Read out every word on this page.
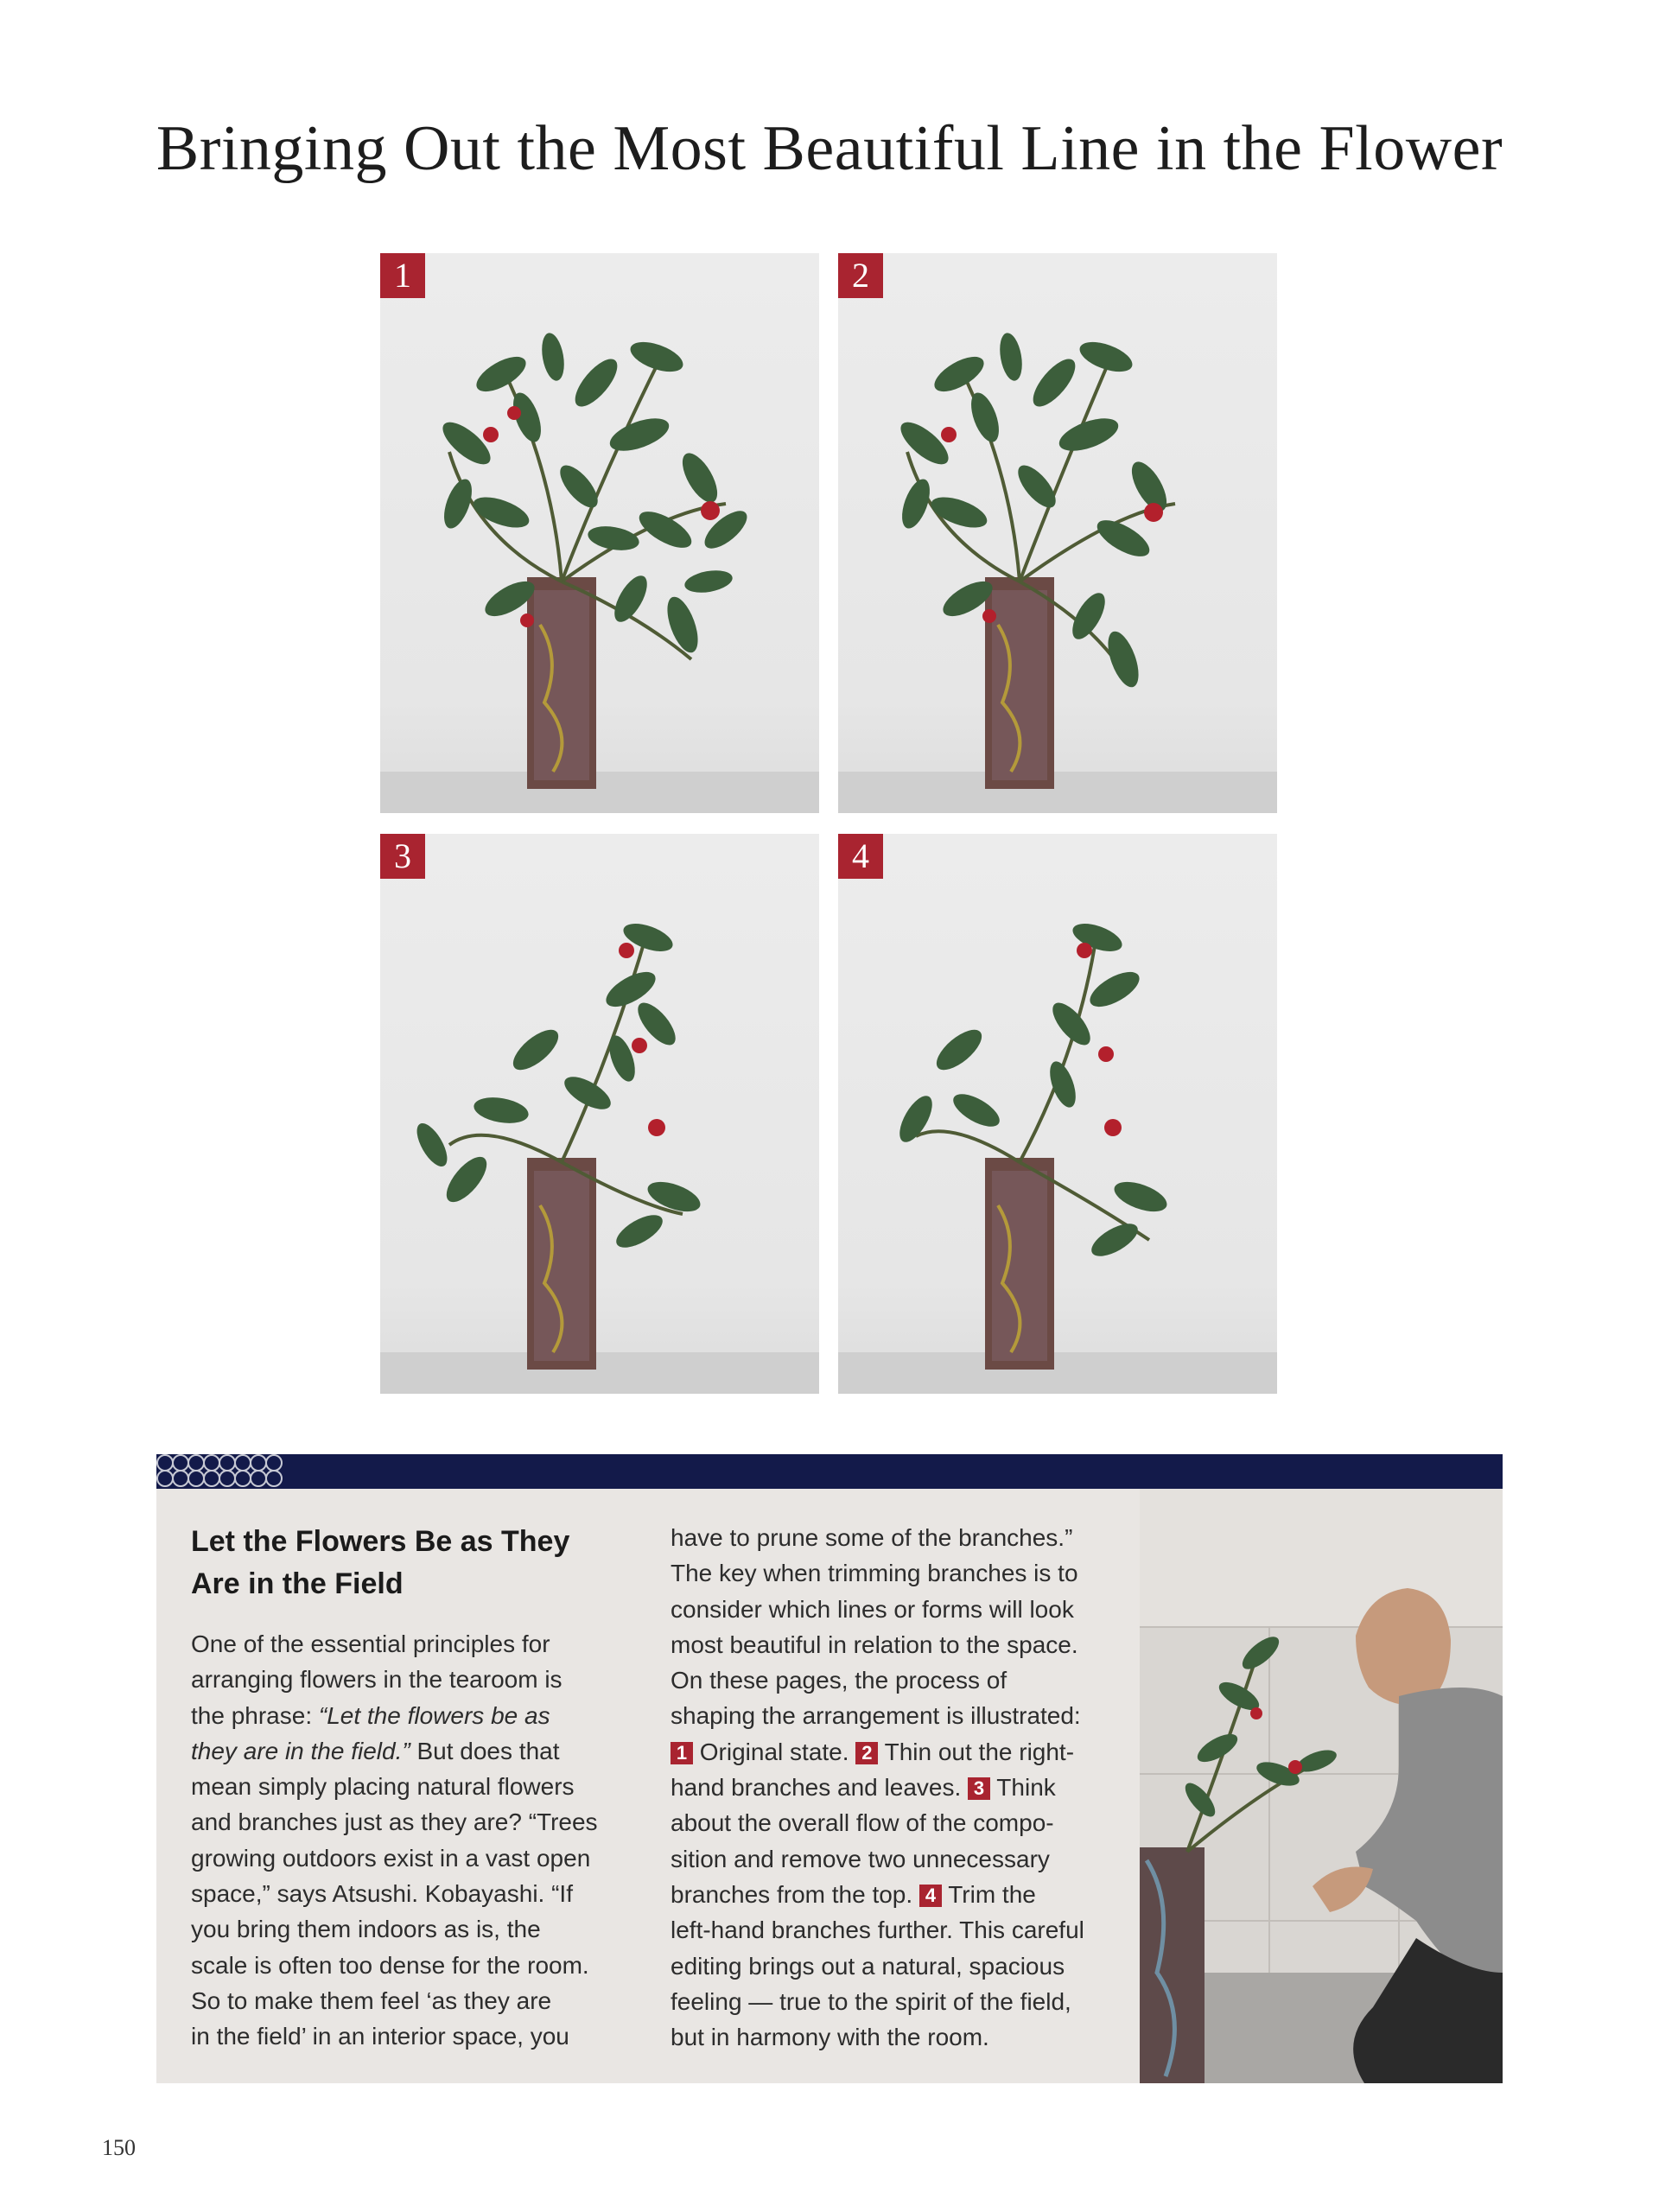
Bringing Out the Most Beautiful Line in the Flower
1	2
3	4
Let the Flowers Be as They
Are in the Field

One of the essential principles for
arranging flowers in the tearoom is
the phrase: “Let the flowers be as
they are in the field.” But does that
mean simply placing natural flowers
and branches just as they are? “Trees
growing outdoors exist in a vast open
space,” says Atsushi. Kobayashi. “If
you bring them indoors as is, the
scale is often too dense for the room.
So to make them feel ‘as they are
in the field’ in an interior space, you

have to prune some of the branches.”
The key when trimming branches is to
consider which lines or forms will look
most beautiful in relation to the space.
On these pages, the process of
shaping the arrangement is illustrated:
1 Original state. 2 Thin out the right-
hand branches and leaves. 3 Think
about the overall flow of the compo-
sition and remove two unnecessary
branches from the top. 4 Trim the
left-hand branches further. This careful
editing brings out a natural, spacious
feeling — true to the spirit of the field,
but in harmony with the room.

150
